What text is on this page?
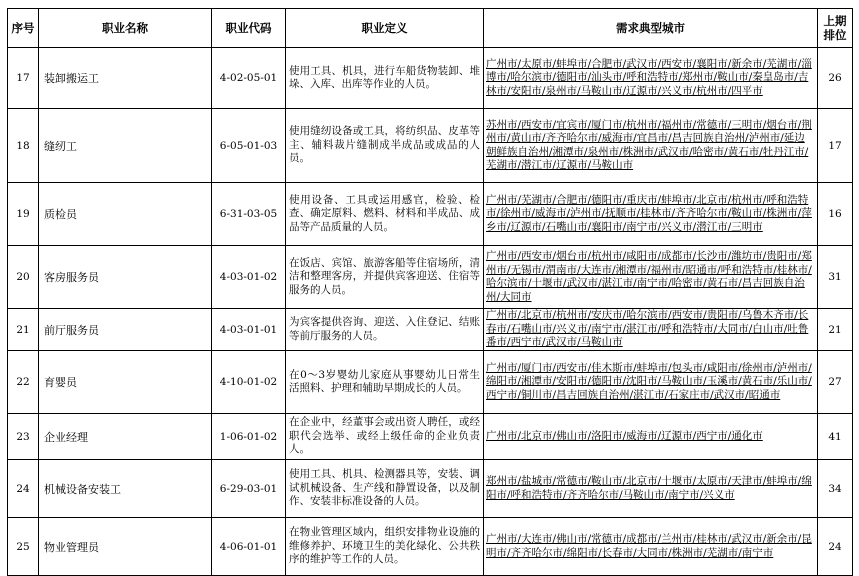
序号	职业名称	职业代码	职业定义	需求典型城市	上期
排位
17	装卸搬运工	4-02-05-01	使用工具、机具，进行车船货物装卸、堆垛、入库、出库等作业的人员。	广州市/太原市/蚌埠市/合肥市/武汉市/西安市/襄阳市/新余市/芜湖市/淄博市/哈尔滨市/德阳市/汕头市/呼和浩特市/郑州市/鞍山市/秦皇岛市/吉林市/安阳市/泉州市/马鞍山市/辽源市/兴义市/杭州市/四平市	26
18	缝纫工	6-05-01-03	使用缝纫设备或工具，将纺织品、皮革等主、辅料裁片缝制成半成品或成品的人员。	苏州市/西安市/宜宾市/厦门市/杭州市/福州市/常德市/三明市/烟台市/荆州市/黄山市/齐齐哈尔市/威海市/宜昌市/昌吉回族自治州/泸州市/延边朝鲜族自治州/湘潭市/泉州市/株洲市/武汉市/哈密市/黄石市/牡丹江市/芜湖市/潜江市/辽源市/马鞍山市	17
19	质检员	6-31-03-05	使用设备、工具或运用感官，检验、检查、确定原料、燃料、材料和半成品、成品等产品质量的人员。	广州市/芜湖市/合肥市/德阳市/重庆市/蚌埠市/北京市/杭州市/呼和浩特市/徐州市/威海市/泸州市/抚顺市/桂林市/齐齐哈尔市/鞍山市/株洲市/萍乡市/辽源市/石嘴山市/襄阳市/南宁市/兴义市/潜江市/三明市	16
20	客房服务员	4-03-01-02	在饭店、宾馆、旅游客船等住宿场所，清洁和整理客房，并提供宾客迎送、住宿等服务的人员。	广州市/西安市/烟台市/杭州市/咸阳市/成都市/长沙市/潍坊市/贵阳市/郑州市/无锡市/渭南市/大连市/湘潭市/福州市/昭通市/呼和浩特市/桂林市/哈尔滨市/十堰市/武汉市/湛江市/南宁市/哈密市/黄石市/昌吉回族自治州/大同市	31
21	前厅服务员	4-03-01-01	为宾客提供咨询、迎送、入住登记、结账等前厅服务的人员。	广州市/北京市/杭州市/安庆市/哈尔滨市/西安市/贵阳市/乌鲁木齐市/长春市/石嘴山市/兴义市/南宁市/湛江市/呼和浩特市/大同市/白山市/吐鲁番市/西宁市/武汉市/马鞍山市	21
22	育婴员	4-10-01-02	在0～3岁婴幼儿家庭从事婴幼儿日常生活照料、护理和辅助早期成长的人员。	广州市/厦门市/西安市/佳木斯市/蚌埠市/包头市/咸阳市/徐州市/泸州市/绵阳市/湘潭市/安阳市/德阳市/沈阳市/马鞍山市/玉溪市/黄石市/乐山市/西宁市/铜川市/昌吉回族自治州/湛江市/石家庄市/武汉市/昭通市	27
23	企业经理	1-06-01-02	在企业中，经董事会或出资人聘任，或经职代会选举、或经上级任命的企业负责人。	广州市/北京市/佛山市/洛阳市/威海市/辽源市/西宁市/通化市	41
24	机械设备安装工	6-29-03-01	使用工具、机具、检测器具等，安装、调试机械设备、生产线和静置设备，以及制作、安装非标准设备的人员。	郑州市/盐城市/常德市/鞍山市/北京市/十堰市/太原市/天津市/蚌埠市/绵阳市/呼和浩特市/齐齐哈尔市/马鞍山市/南宁市/兴义市	34
25	物业管理员	4-06-01-01	在物业管理区域内，组织安排物业设施的维修养护、环境卫生的美化绿化、公共秩序的维护等工作的人员。	广州市/大连市/佛山市/常德市/成都市/兰州市/桂林市/武汉市/新余市/昆明市/齐齐哈尔市/绵阳市/长春市/大同市/株洲市/芜湖市/南宁市	24
